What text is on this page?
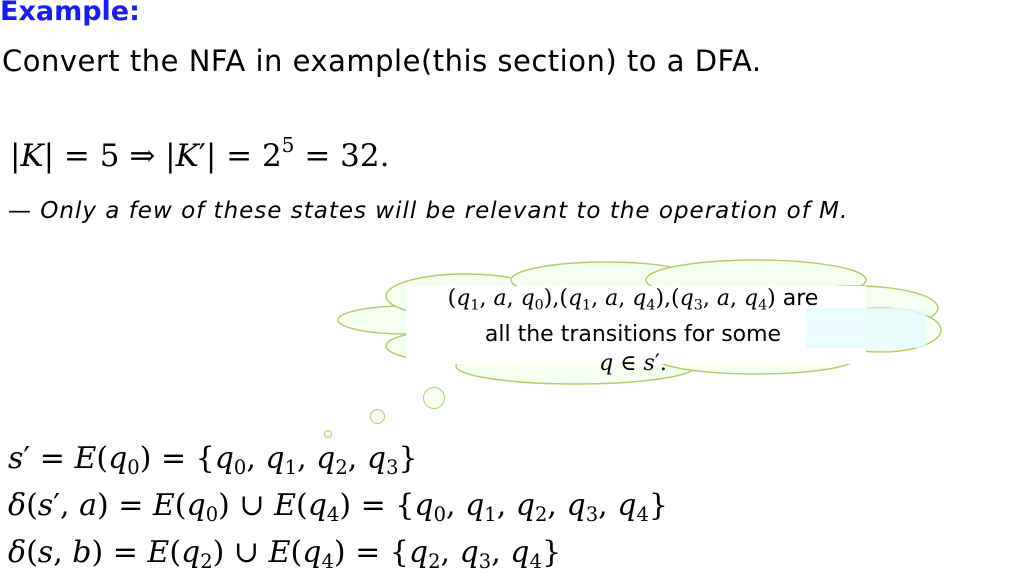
Example:
Convert the NFA in example(this section) to a DFA.
|K| = 5 ⇒ $|K'| = 2^5 = 32$.
— Only a few of these states will be relevant to the operation of M.
($q_1$, a, $q_0),(q_1$, a, $q_4),(q_3$, a, $q_4$) are
all the transitions for some
q ∈ s′.
$s' = E(q_0) = \{q_0$, $q_1$, $q_2$, $q_3$}
δ(s′, $a) = E(q_0)$ ∪ $E(q_4) = \{q_0$, $q_1$, $q_2$, $q_3$, $q_4$}
δ(s, $b) = E(q_2)$ ∪ $E(q_4) = \{q_2$, $q_3$, $q_4$}
